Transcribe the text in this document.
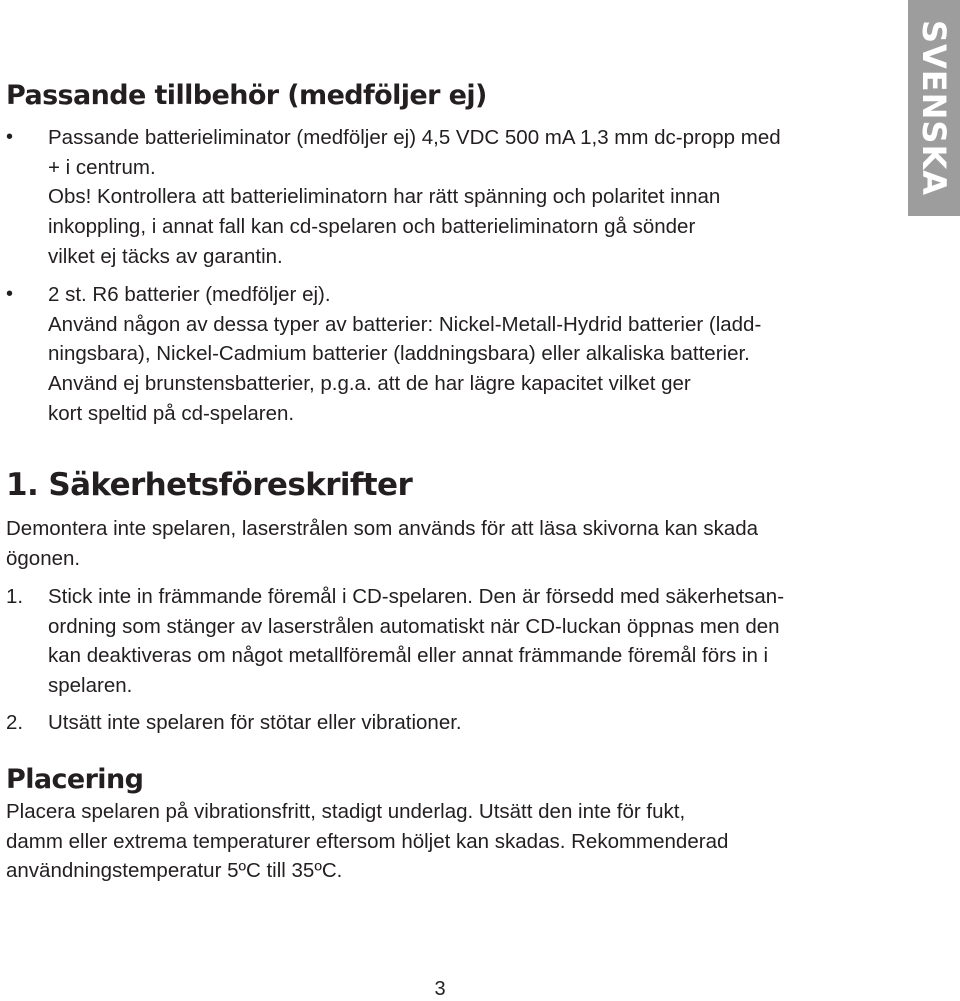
SVENSKA
Passande tillbehör (medföljer ej)
• Passande batterieliminator (medföljer ej) 4,5 VDC 500 mA 1,3 mm dc-propp med
+ i centrum.
Obs! Kontrollera att batterieliminatorn har rätt spänning och polaritet innan
inkoppling, i annat fall kan cd-spelaren och batterieliminatorn gå sönder
vilket ej täcks av garantin.

• 2 st. R6 batterier (medföljer ej).
Använd någon av dessa typer av batterier: Nickel-Metall-Hydrid batterier (ladd-
ningsbara), Nickel-Cadmium batterier (laddningsbara) eller alkaliska batterier.
Använd ej brunstensbatterier, p.g.a. att de har lägre kapacitet vilket ger
kort speltid på cd-spelaren.

1. Säkerhetsföreskrifter

Demontera inte spelaren, laserstrålen som används för att läsa skivorna kan skada
ögonen.

1. Stick inte in främmande föremål i CD-spelaren. Den är försedd med säkerhetsan-
ordning som stänger av laserstrålen automatiskt när CD-luckan öppnas men den
kan deaktiveras om något metallföremål eller annat främmande föremål förs in i
spelaren.

2. Utsätt inte spelaren för stötar eller vibrationer.

Placering

Placera spelaren på vibrationsfritt, stadigt underlag. Utsätt den inte för fukt,
damm eller extrema temperaturer eftersom höljet kan skadas. Rekommenderad
användningstemperatur 5ºC till 35ºC.

3
